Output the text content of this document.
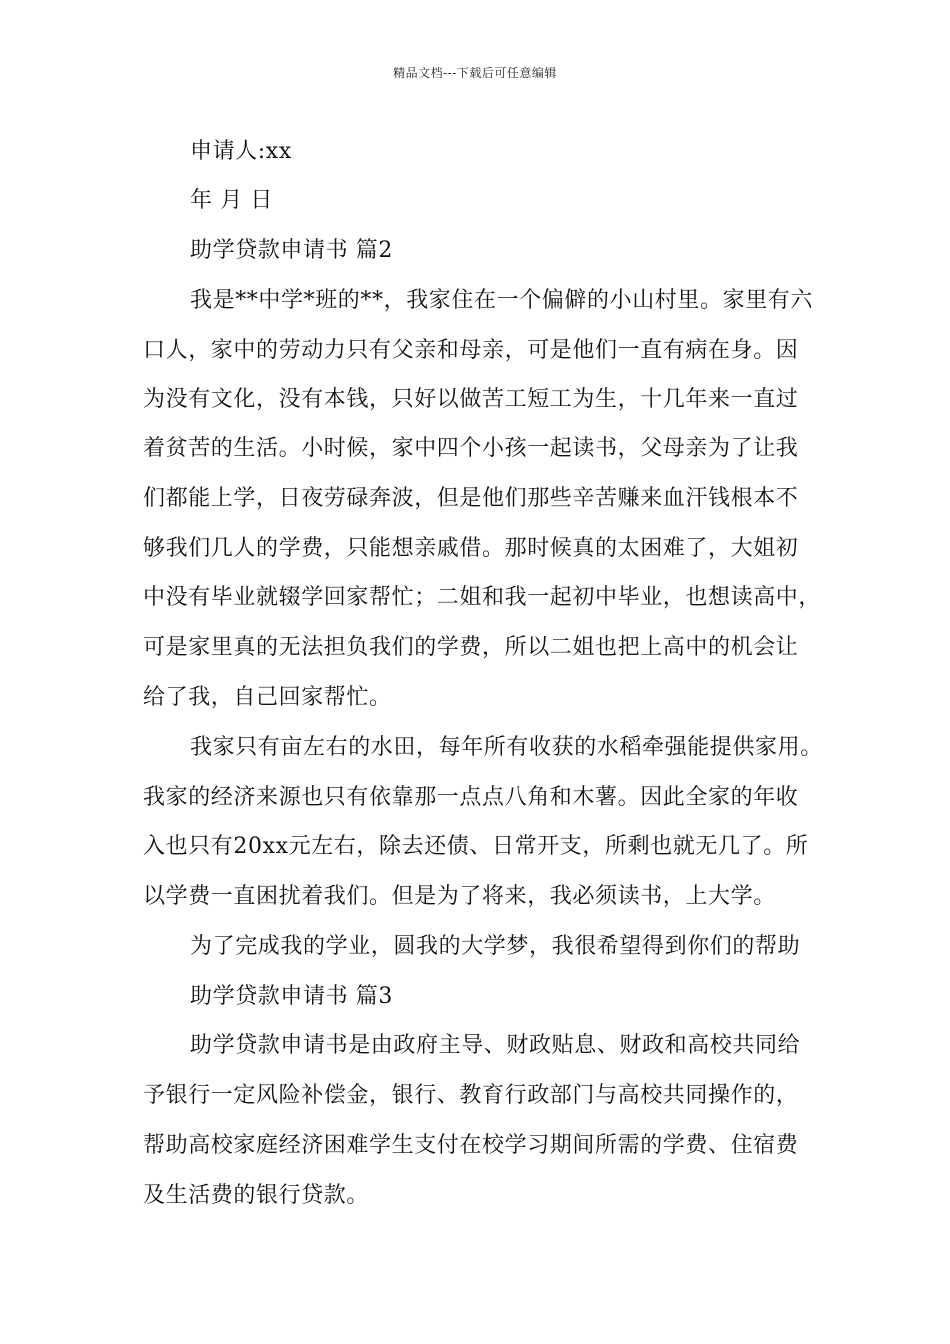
精品文档---下载后可任意编辑
申请人:xx
年 月 日
助学贷款申请书 篇2
我是**中学*班的**，我家住在一个偏僻的小山村里。家里有六
口人，家中的劳动力只有父亲和母亲，可是他们一直有病在身。因
为没有文化，没有本钱，只好以做苦工短工为生，十几年来一直过
着贫苦的生活。小时候，家中四个小孩一起读书，父母亲为了让我
们都能上学，日夜劳碌奔波，但是他们那些辛苦赚来血汗钱根本不
够我们几人的学费，只能想亲戚借。那时候真的太困难了，大姐初
中没有毕业就辍学回家帮忙；二姐和我一起初中毕业，也想读高中，
可是家里真的无法担负我们的学费，所以二姐也把上高中的机会让
给了我，自己回家帮忙。
我家只有亩左右的水田，每年所有收获的水稻牵强能提供家用。
我家的经济来源也只有依靠那一点点八角和木薯。因此全家的年收
入也只有20xx元左右，除去还债、日常开支，所剩也就无几了。所
以学费一直困扰着我们。但是为了将来，我必须读书，上大学。
为了完成我的学业，圆我的大学梦，我很希望得到你们的帮助
助学贷款申请书 篇3
助学贷款申请书是由政府主导、财政贴息、财政和高校共同给
予银行一定风险补偿金，银行、教育行政部门与高校共同操作的，
帮助高校家庭经济困难学生支付在校学习期间所需的学费、住宿费
及生活费的银行贷款。
